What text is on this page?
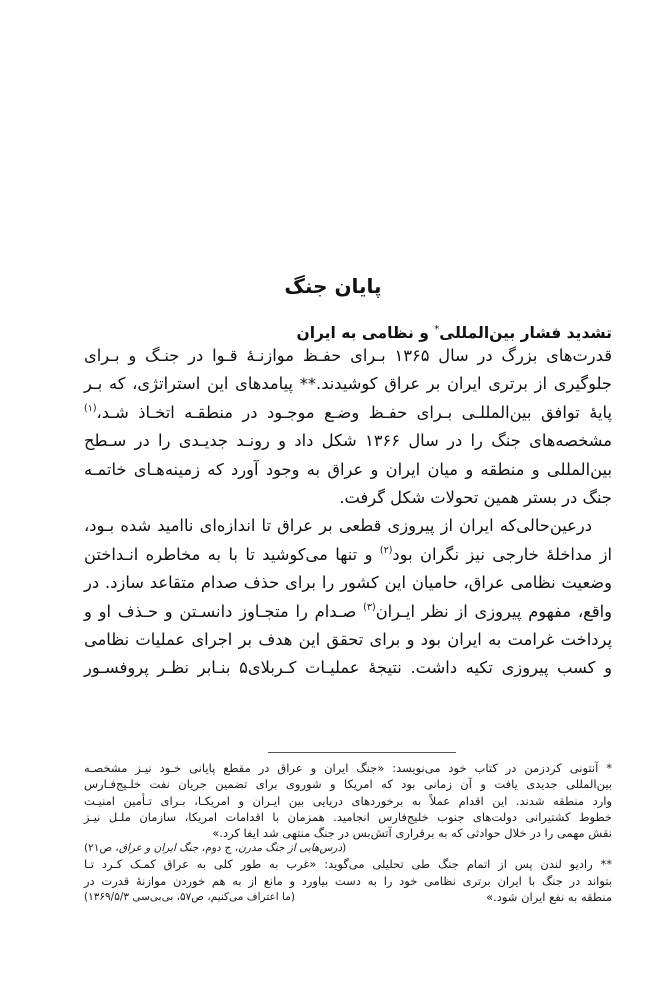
پایان جنگ
تشدید فشار بین‌المللی* و نظامی به ایران
قدرت‌های بزرگ در سال ۱۳۶۵ بـرای حفـظ موازنـهٔ قـوا در جنـگ و بـرای
جلوگیری از برتری ایران بر عراق کوشیدند.** پیامدهای این استراتژی، که بـر
پایهٔ توافق بین‌المللـی بـرای حفـظ وضـع موجـود در منطقـه اتخـاذ شـد،$^{(۱)}$
مشخصه‌های جنگ را در سال ۱۳۶۶ شکل داد و رونـد جدیـدی را در سـطح
بین‌المللی و منطقه و میان ایران و عراق به وجود آورد که زمینه‌هـای خاتمـه
جنگ در بستر همین تحولات شکل گرفت.
درعین‌حالی‌که ایران از پیروزی قطعی بر عراق تا اندازه‌ای ناامید شده بـود،
از مداخلهٔ خارجی نیز نگران بود$^{(۲)}$ و تنها می‌کوشید تا با به مخاطره انـداختن
وضعیت نظامی عراق، حامیان این کشور را برای حذف صدام متقاعد سازد. در
واقع، مفهوم پیروزی از نظر ایـران$^{(۳)}$ صـدام را متجـاوز دانسـتن و حـذف او و
پرداخت غرامت به ایران بود و برای تحقق این هدف بر اجرای عملیات نظامی
و کسب پیروزی تکیه داشت. نتیجهٔ عملیـات کـربلای۵ بنـابر نظـر پروفسـور
* آنتونی کردزمن در کتاب خود می‌نویسد: «جنگ ایران و عراق در مقطع پایانی خـود نیـز مشخصـه
بین‌المللی جدیدی یافت و آن زمانی بود که امریکا و شوروی برای تضمین جریان نفت خلـیج‌فـارس
وارد منطقه شدند. این اقدام عملاً به برخوردهای دریایی بین ایـران و امریکـا، بـرای تـأمین امنیـت
خطوط کشتیرانی دولت‌های جنوب خلیج‌فارس انجامید. همزمان با اقدامات امریکا، سازمان ملـل نیـز
نقش مهمی را در خلال حوادثی که به برقراری آتش‌بس در جنگ منتهی شد ایفا کرد.»
(درس‌هایی از جنگ مدرن، ج دوم، جنگ ایران و عراق، ص۲۱)
** رادیو لندن پس از اتمام جنگ طی تحلیلی می‌گوید: «غرب به طور کلی به عراق کمـک کـرد تـا
بتواند در جنگ با ایران برتری نظامی خود را به دست بیاورد و مانع از به هم خوردن موازنهٔ قدرت در
منطقه به نفع ایران شود.»
(ما اعتراف می‌کنیم، ص۵۷، بی‌بی‌سی ۱۳۶۹/۵/۳)
